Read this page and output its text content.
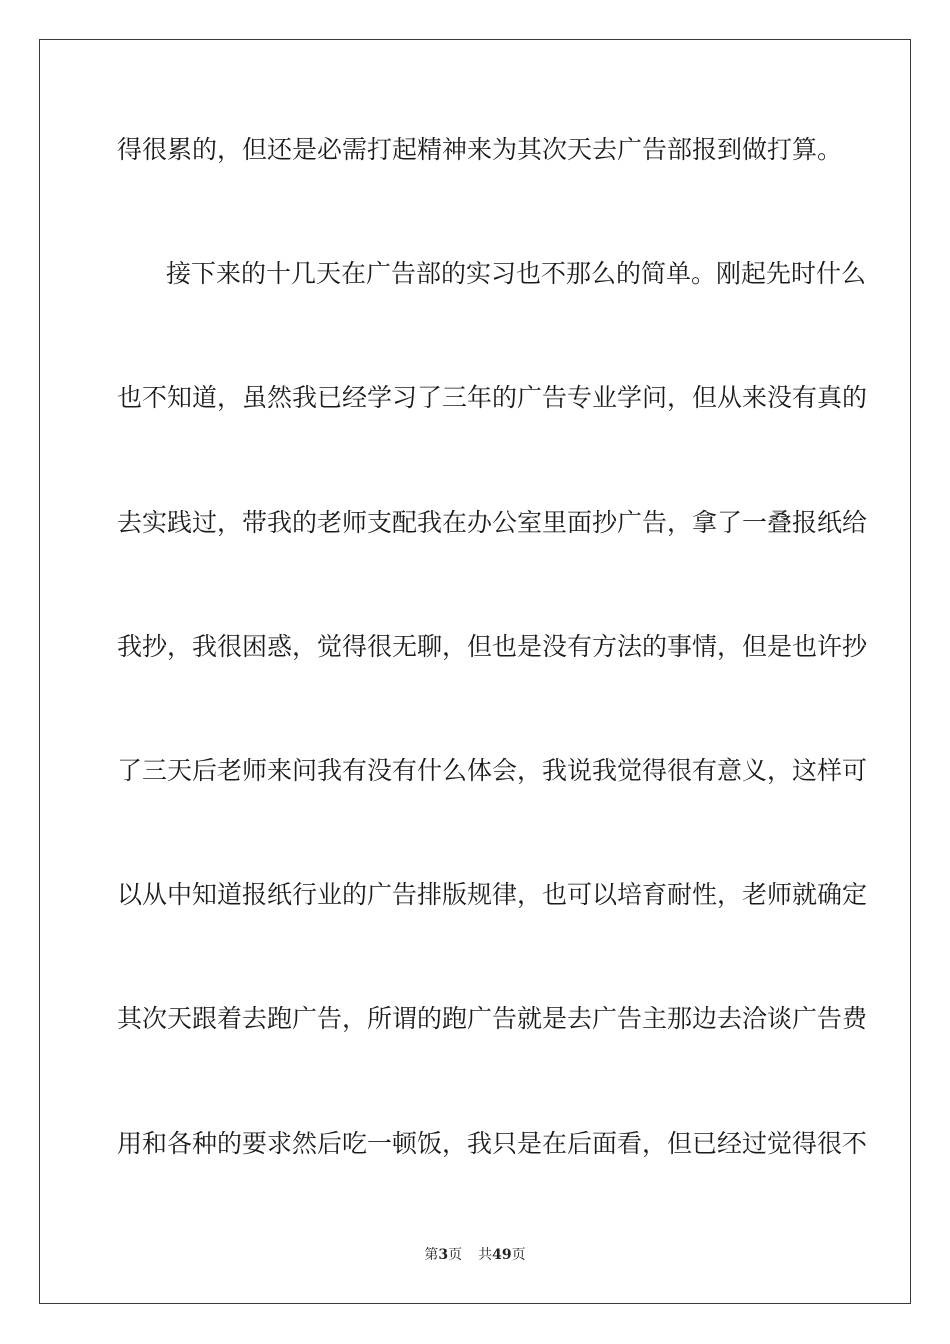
得很累的，但还是必需打起精神来为其次天去广告部报到做打算。
接下来的十几天在广告部的实习也不那么的简单。刚起先时什么
也不知道，虽然我已经学习了三年的广告专业学问，但从来没有真的
去实践过，带我的老师支配我在办公室里面抄广告，拿了一叠报纸给
我抄，我很困惑，觉得很无聊，但也是没有方法的事情，但是也许抄
了三天后老师来问我有没有什么体会，我说我觉得很有意义，这样可
以从中知道报纸行业的广告排版规律，也可以培育耐性，老师就确定
其次天跟着去跑广告，所谓的跑广告就是去广告主那边去洽谈广告费
用和各种的要求然后吃一顿饭，我只是在后面看，但已经过觉得很不
第3页 共49页
